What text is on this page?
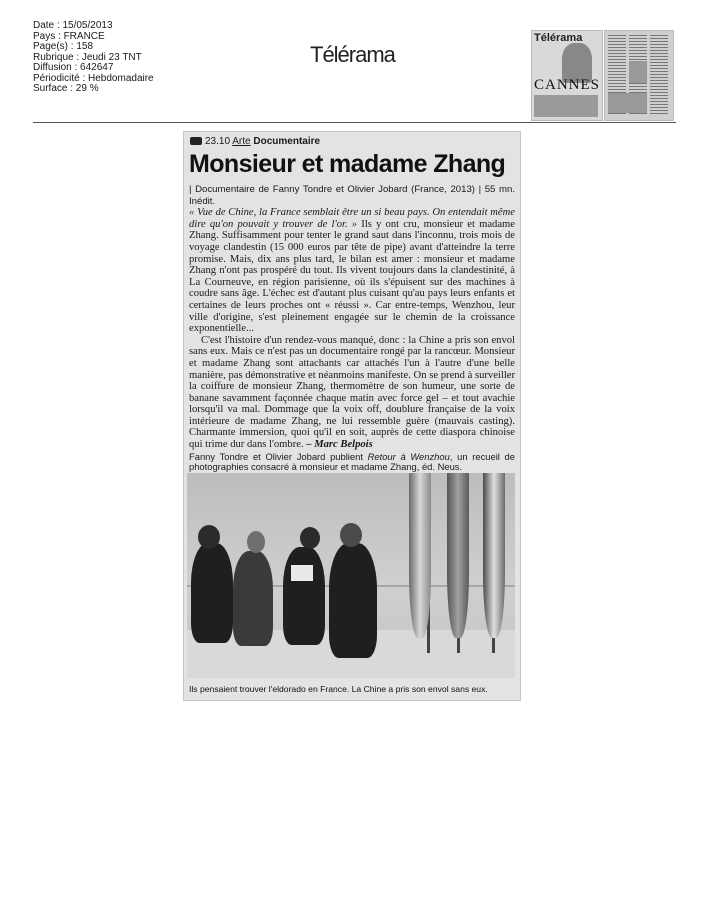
Date : 15/05/2013
Pays : FRANCE
Page(s) : 158
Rubrique : Jeudi 23 TNT
Diffusion : 642647
Périodicité : Hebdomadaire
Surface : 29 %
Télérama
Télérama
CANNES
23.10 Arte Documentaire
Monsieur et madame Zhang

| Documentaire de Fanny Tondre et Olivier Jobard (France, 2013) | 55 mn. Inédit.
« Vue de Chine, la France semblait être un si beau pays. On entendait même dire qu'on pouvait y trouver de l'or. » Ils y ont cru, monsieur et madame Zhang. Suffisamment pour tenter le grand saut dans l'inconnu, trois mois de voyage clandestin (15 000 euros par tête de pipe) avant d'atteindre la terre promise. Mais, dix ans plus tard, le bilan est amer : monsieur et madame Zhang n'ont pas prospéré du tout. Ils vivent toujours dans la clandestinité, à La Courneuve, en région parisienne, où ils s'épuisent sur des machines à coudre sans âge. L'échec est d'autant plus cuisant qu'au pays leurs enfants et certaines de leurs proches ont « réussi ». Car entre-temps, Wenzhou, leur ville d'origine, s'est pleinement engagée sur le chemin de la croissance exponentielle...

C'est l'histoire d'un rendez-vous manqué, donc : la Chine a pris son envol sans eux. Mais ce n'est pas un documentaire rongé par la rancœur. Monsieur et madame Zhang sont attachants car attachés l'un à l'autre d'une belle manière, pas démonstrative et néanmoins manifeste. On se prend à surveiller la coiffure de monsieur Zhang, thermomètre de son humeur, une sorte de banane savamment façonnée chaque matin avec force gel – et tout avachie lorsqu'il va mal. Dommage que la voix off, doublure française de la voix intérieure de madame Zhang, ne lui ressemble guère (mauvais casting). Charmante immersion, quoi qu'il en soit, auprès de cette diaspora chinoise qui trime dur dans l'ombre. – Marc Belpois

Fanny Tondre et Olivier Jobard publient Retour à Wenzhou, un recueil de photographies consacré à monsieur et madame Zhang, éd. Neus.

Ils pensaient trouver l'eldorado en France. La Chine a pris son envol sans eux.
